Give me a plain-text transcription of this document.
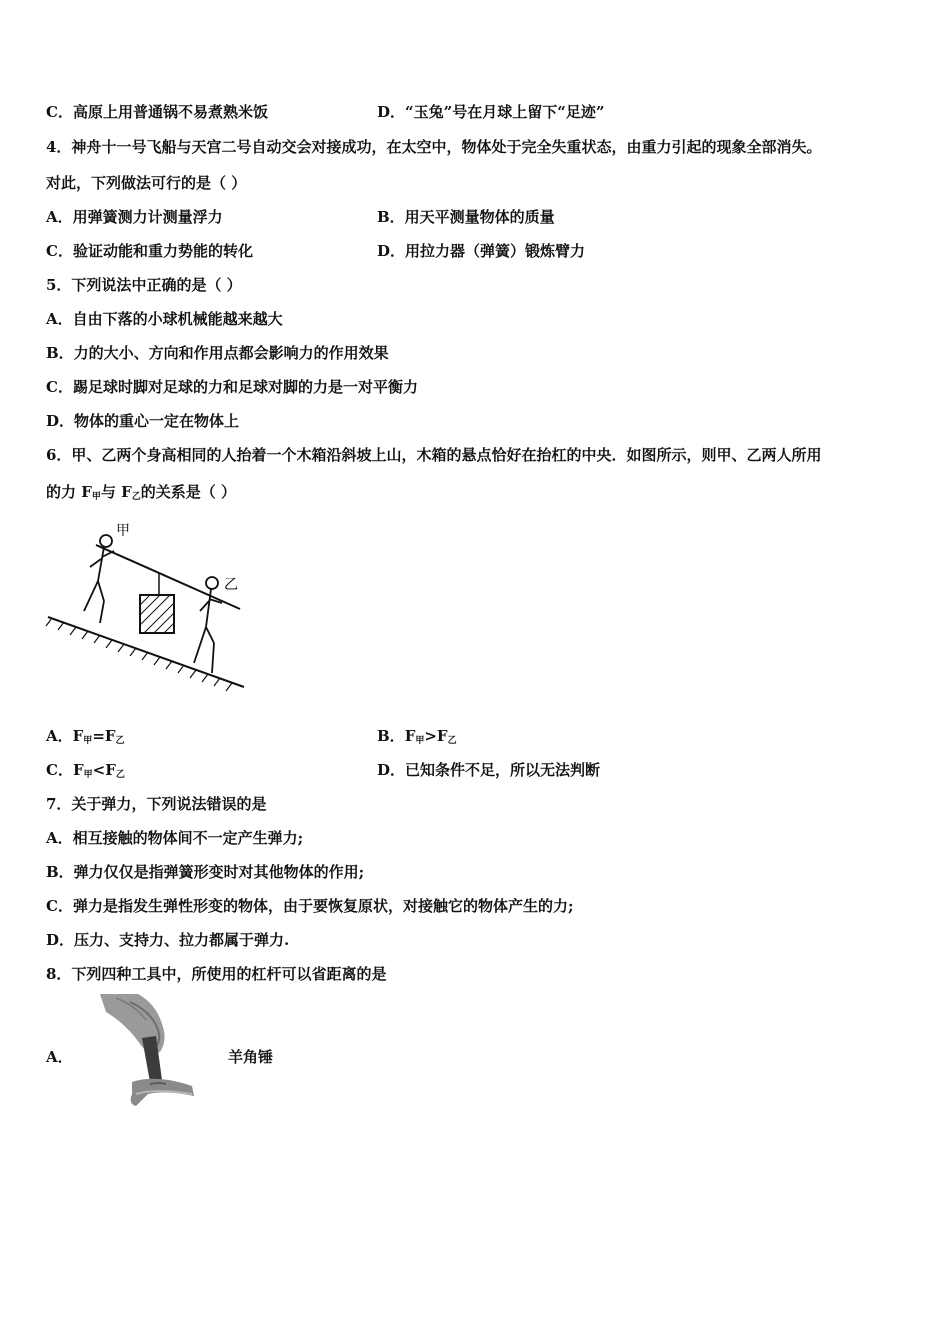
C．高原上用普通锅不易煮熟米饭	D．“玉兔”号在月球上留下“足迹”
4．神舟十一号飞船与天宫二号自动交会对接成功，在太空中，物体处于完全失重状态，由重力引起的现象全部消失。
对此，下列做法可行的是（ ）
A．用弹簧测力计测量浮力	B．用天平测量物体的质量
C．验证动能和重力势能的转化	D．用拉力器（弹簧）锻炼臂力
5．下列说法中正确的是（ ）
A．自由下落的小球机械能越来越大
B．力的大小、方向和作用点都会影响力的作用效果
C．踢足球时脚对足球的力和足球对脚的力是一对平衡力
D．物体的重心一定在物体上
6．甲、乙两个身高相同的人抬着一个木箱沿斜坡上山，木箱的悬点恰好在抬杠的中央．如图所示，则甲、乙两人所用
的力 $F_甲$与 $F_乙$的关系是（ ）
甲
乙
A．$F_甲=F_乙$	B．$F_甲>F_乙$
C．$F_甲<F_乙$	D．已知条件不足，所以无法判断
7．关于弹力，下列说法错误的是
A．相互接触的物体间不一定产生弹力;
B．弹力仅仅是指弹簧形变时对其他物体的作用;
C．弹力是指发生弹性形变的物体，由于要恢复原状，对接触它的物体产生的力;
D．压力、支持力、拉力都属于弹力.
8．下列四种工具中，所使用的杠杆可以省距离的是
A．	羊角锤
